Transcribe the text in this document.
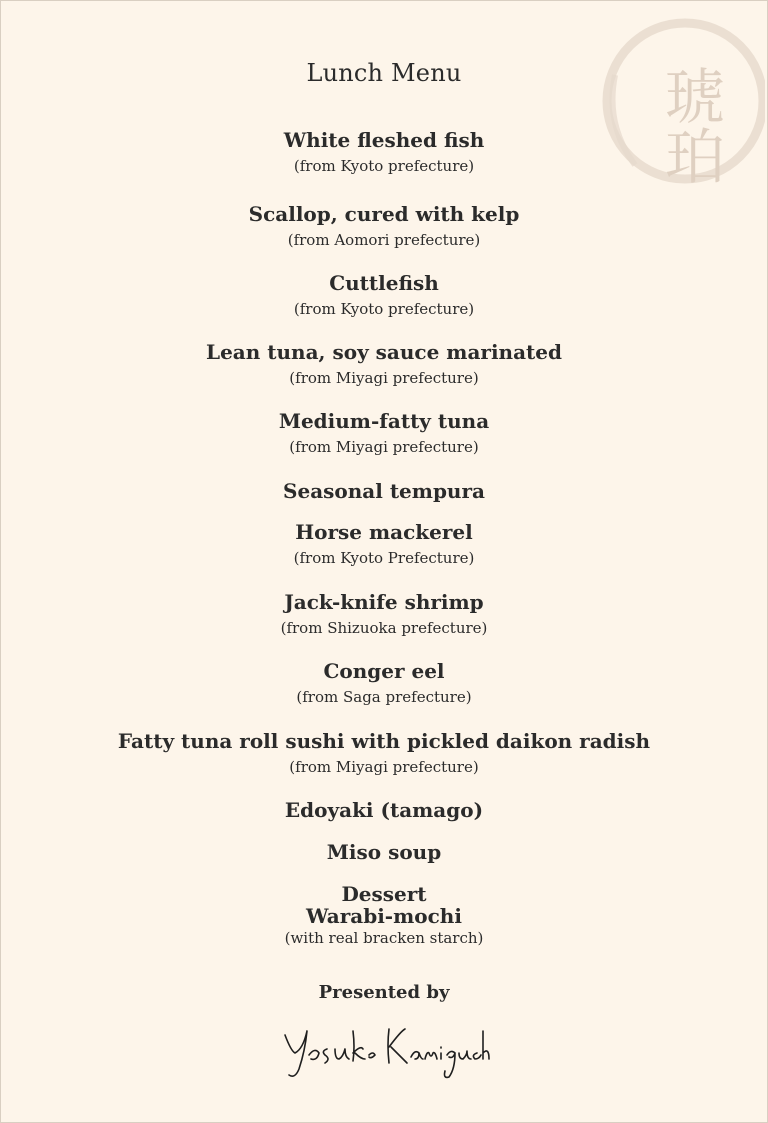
琥珀
Lunch Menu
White fleshed fish
(from Kyoto prefecture)
Scallop, cured with kelp
(from Aomori prefecture)
Cuttlefish
(from Kyoto prefecture)
Lean tuna, soy sauce marinated
(from Miyagi prefecture)
Medium-fatty tuna
(from Miyagi prefecture)
Seasonal tempura
Horse mackerel
(from Kyoto Prefecture)
Jack-knife shrimp
(from Shizuoka prefecture)
Conger eel
(from Saga prefecture)
Fatty tuna roll sushi with pickled daikon radish
(from Miyagi prefecture)
Edoyaki (tamago)
Miso soup
Dessert
Warabi-mochi
(with real bracken starch)
Presented by
